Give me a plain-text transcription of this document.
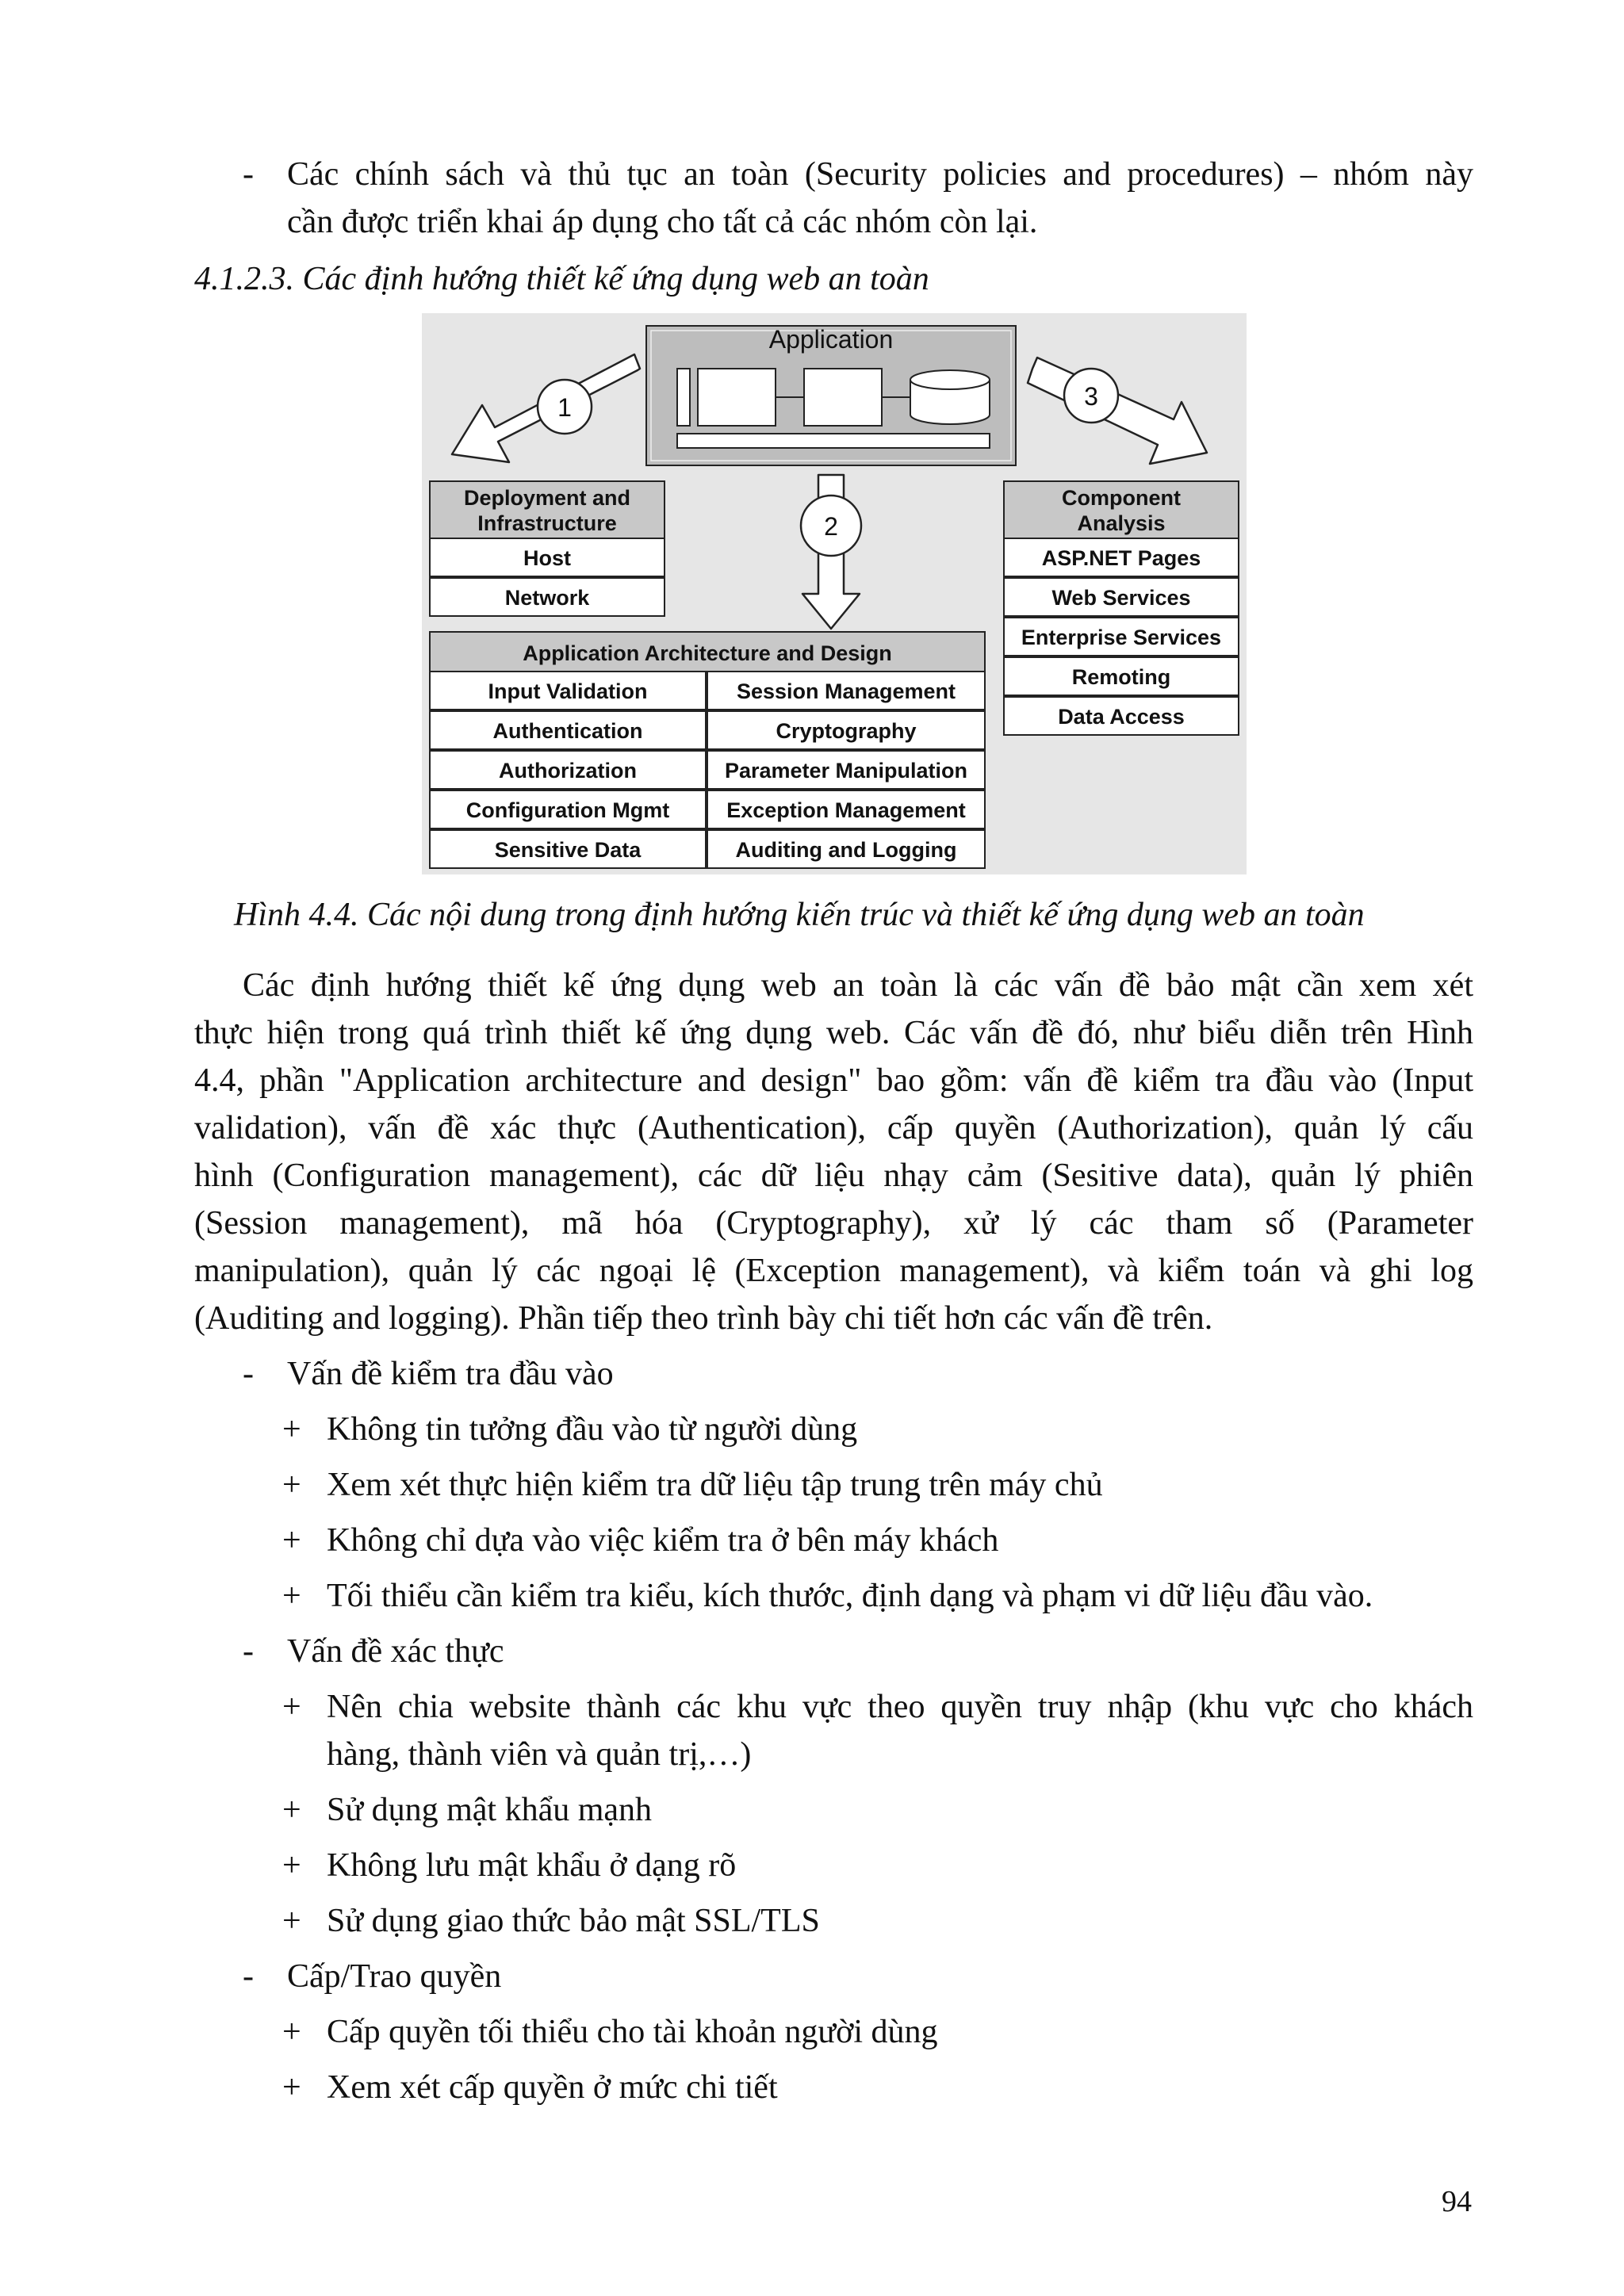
- Các chính sách và thủ tục an toàn (Security policies and procedures) – nhóm này
cần được triển khai áp dụng cho tất cả các nhóm còn lại.
4.1.2.3. Các định hướng thiết kế ứng dụng web an toàn
Application
1	3
2
Deployment and
Infrastructure
Host
Network
Component
Analysis
ASP.NET Pages
Web Services
Enterprise Services
Remoting
Data Access
Application Architecture and Design
Input Validation	Session Management
Authentication	Cryptography
Authorization	Parameter Manipulation
Configuration Mgmt	Exception Management
Sensitive Data	Auditing and Logging
Hình 4.4. Các nội dung trong định hướng kiến trúc và thiết kế ứng dụng web an toàn
Các định hướng thiết kế ứng dụng web an toàn là các vấn đề bảo mật cần xem xét
thực hiện trong quá trình thiết kế ứng dụng web. Các vấn đề đó, như biểu diễn trên Hình
4.4, phần "Application architecture and design" bao gồm: vấn đề kiểm tra đầu vào (Input
validation), vấn đề xác thực (Authentication), cấp quyền (Authorization), quản lý cấu
hình (Configuration management), các dữ liệu nhạy cảm (Sesitive data), quản lý phiên
(Session management), mã hóa (Cryptography), xử lý các tham số (Parameter
manipulation), quản lý các ngoại lệ (Exception management), và kiểm toán và ghi log
(Auditing and logging). Phần tiếp theo trình bày chi tiết hơn các vấn đề trên.
- Vấn đề kiểm tra đầu vào
+ Không tin tưởng đầu vào từ người dùng
+ Xem xét thực hiện kiểm tra dữ liệu tập trung trên máy chủ
+ Không chỉ dựa vào việc kiểm tra ở bên máy khách
+ Tối thiểu cần kiểm tra kiểu, kích thước, định dạng và phạm vi dữ liệu đầu vào.
- Vấn đề xác thực
+ Nên chia website thành các khu vực theo quyền truy nhập (khu vực cho khách
hàng, thành viên và quản trị,…)
+ Sử dụng mật khẩu mạnh
+ Không lưu mật khẩu ở dạng rõ
+ Sử dụng giao thức bảo mật SSL/TLS
- Cấp/Trao quyền
+ Cấp quyền tối thiểu cho tài khoản người dùng
+ Xem xét cấp quyền ở mức chi tiết
94
